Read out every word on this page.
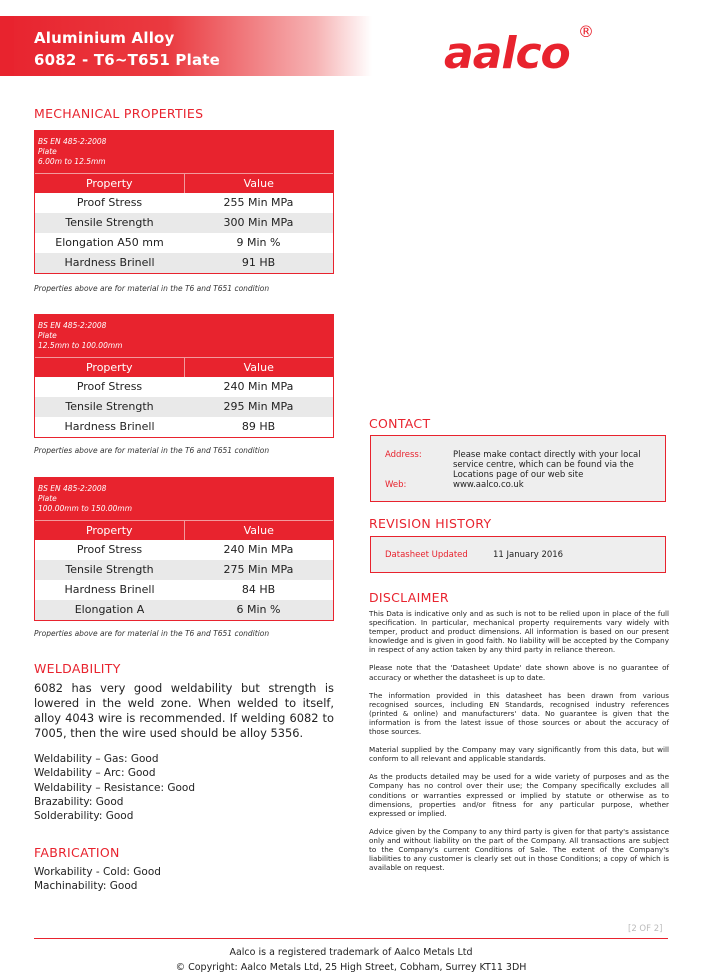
Aluminium Alloy
6082 - T6~T651 Plate	aalco ®
MECHANICAL PROPERTIES
BS EN 485-2:2008
Plate
6.00m to 12.5mm
Property	Value
Proof Stress	255 Min MPa
Tensile Strength	300 Min MPa
Elongation A50 mm	9 Min %
Hardness Brinell	91 HB
Properties above are for material in the T6 and T651 condition
BS EN 485-2:2008
Plate
12.5mm to 100.00mm
Property	Value
Proof Stress	240 Min MPa
Tensile Strength	295 Min MPa
Hardness Brinell	89 HB
Properties above are for material in the T6 and T651 condition
BS EN 485-2:2008
Plate
100.00mm to 150.00mm
Property	Value
Proof Stress	240 Min MPa
Tensile Strength	275 Min MPa
Hardness Brinell	84 HB
Elongation A	6 Min %
Properties above are for material in the T6 and T651 condition
WELDABILITY
6082 has very good weldability but strength is lowered in the weld zone. When welded to itself, alloy 4043 wire is recommended. If welding 6082 to 7005, then the wire used should be alloy 5356.
Weldability – Gas: Good
Weldability – Arc: Good
Weldability – Resistance: Good
Brazability: Good
Solderability: Good
FABRICATION
Workability - Cold: Good
Machinability: Good
CONTACT
Address:	Please make contact directly with your local service centre, which can be found via the Locations page of our web site
Web:	www.aalco.co.uk
REVISION HISTORY
Datasheet Updated	11 January 2016
DISCLAIMER

This Data is indicative only and as such is not to be relied upon in place of the full specification. In particular, mechanical property requirements vary widely with temper, product and product dimensions. All information is based on our present knowledge and is given in good faith. No liability will be accepted by the Company in respect of any action taken by any third party in reliance thereon.

Please note that the 'Datasheet Update' date shown above is no guarantee of accuracy or whether the datasheet is up to date.

The information provided in this datasheet has been drawn from various recognised sources, including EN Standards, recognised industry references (printed & online) and manufacturers' data. No guarantee is given that the information is from the latest issue of those sources or about the accuracy of those sources.

Material supplied by the Company may vary significantly from this data, but will conform to all relevant and applicable standards.

As the products detailed may be used for a wide variety of purposes and as the Company has no control over their use; the Company specifically excludes all conditions or warranties expressed or implied by statute or otherwise as to dimensions, properties and/or fitness for any particular purpose, whether expressed or implied.

Advice given by the Company to any third party is given for that party's assistance only and without liability on the part of the Company. All transactions are subject to the Company's current Conditions of Sale. The extent of the Company's liabilities to any customer is clearly set out in those Conditions; a copy of which is available on request.

[2 OF 2]
Aalco is a registered trademark of Aalco Metals Ltd
© Copyright: Aalco Metals Ltd, 25 High Street, Cobham, Surrey KT11 3DH
